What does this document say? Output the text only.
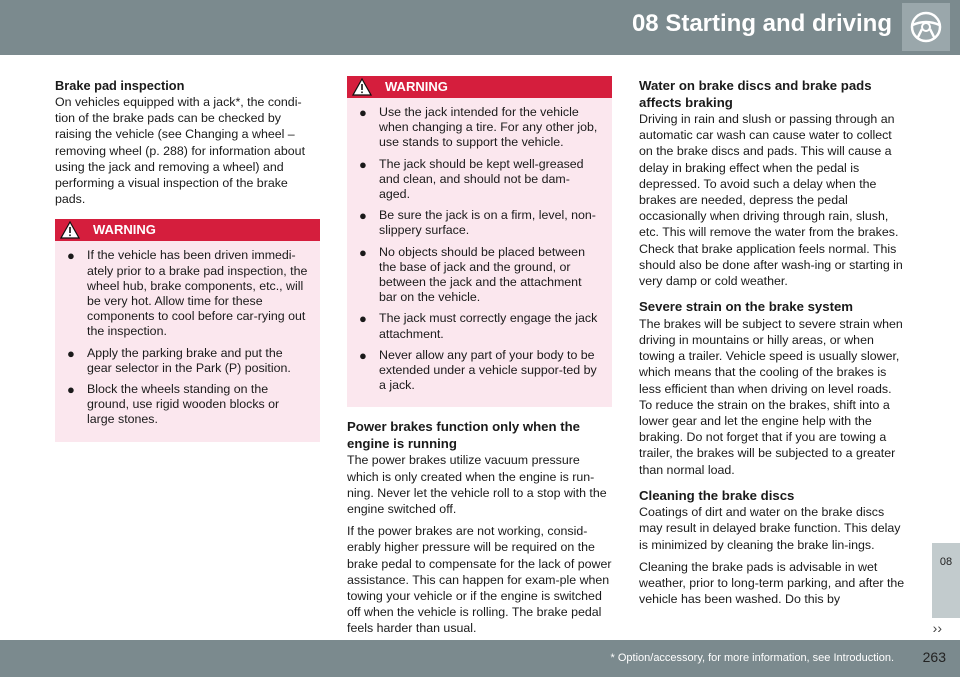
08 Starting and driving
Brake pad inspection

On vehicles equipped with a jack*, the condi-tion of the brake pads can be checked by raising the vehicle (see Changing a wheel – removing wheel (p. 288) for information about using the jack and removing a wheel) and performing a visual inspection of the brake pads.

WARNING
● If the vehicle has been driven immedi-ately prior to a brake pad inspection, the wheel hub, brake components, etc., will be very hot. Allow time for these components to cool before car-rying out the inspection.
● Apply the parking brake and put the gear selector in the Park (P) position.
● Block the wheels standing on the ground, use rigid wooden blocks or large stones.
WARNING
● Use the jack intended for the vehicle when changing a tire. For any other job, use stands to support the vehicle.
● The jack should be kept well-greased and clean, and should not be dam-aged.
● Be sure the jack is on a firm, level, non-slippery surface.
● No objects should be placed between the base of jack and the ground, or between the jack and the attachment bar on the vehicle.
● The jack must correctly engage the jack attachment.
● Never allow any part of your body to be extended under a vehicle suppor-ted by a jack.
Power brakes function only when the engine is running

The power brakes utilize vacuum pressure which is only created when the engine is run-ning. Never let the vehicle roll to a stop with the engine switched off.

If the power brakes are not working, consid-erably higher pressure will be required on the brake pedal to compensate for the lack of power assistance. This can happen for exam-ple when towing your vehicle or if the engine is switched off when the vehicle is rolling. The brake pedal feels harder than usual.

Water on brake discs and brake pads affects braking

Driving in rain and slush or passing through an automatic car wash can cause water to collect on the brake discs and pads. This will cause a delay in braking effect when the pedal is depressed. To avoid such a delay when the brakes are needed, depress the pedal occasionally when driving through rain, slush, etc. This will remove the water from the brakes. Check that brake application feels normal. This should also be done after wash-ing or starting in very damp or cold weather.

Severe strain on the brake system

The brakes will be subject to severe strain when driving in mountains or hilly areas, or when towing a trailer. Vehicle speed is usually slower, which means that the cooling of the brakes is less efficient than when driving on level roads. To reduce the strain on the brakes, shift into a lower gear and let the engine help with the braking. Do not forget that if you are towing a trailer, the brakes will be subjected to a greater than normal load.

Cleaning the brake discs

Coatings of dirt and water on the brake discs may result in delayed brake function. This delay is minimized by cleaning the brake lin-ings.

Cleaning the brake pads is advisable in wet weather, prior to long-term parking, and after the vehicle has been washed. Do this by

08
››
* Option/accessory, for more information, see Introduction. 263
